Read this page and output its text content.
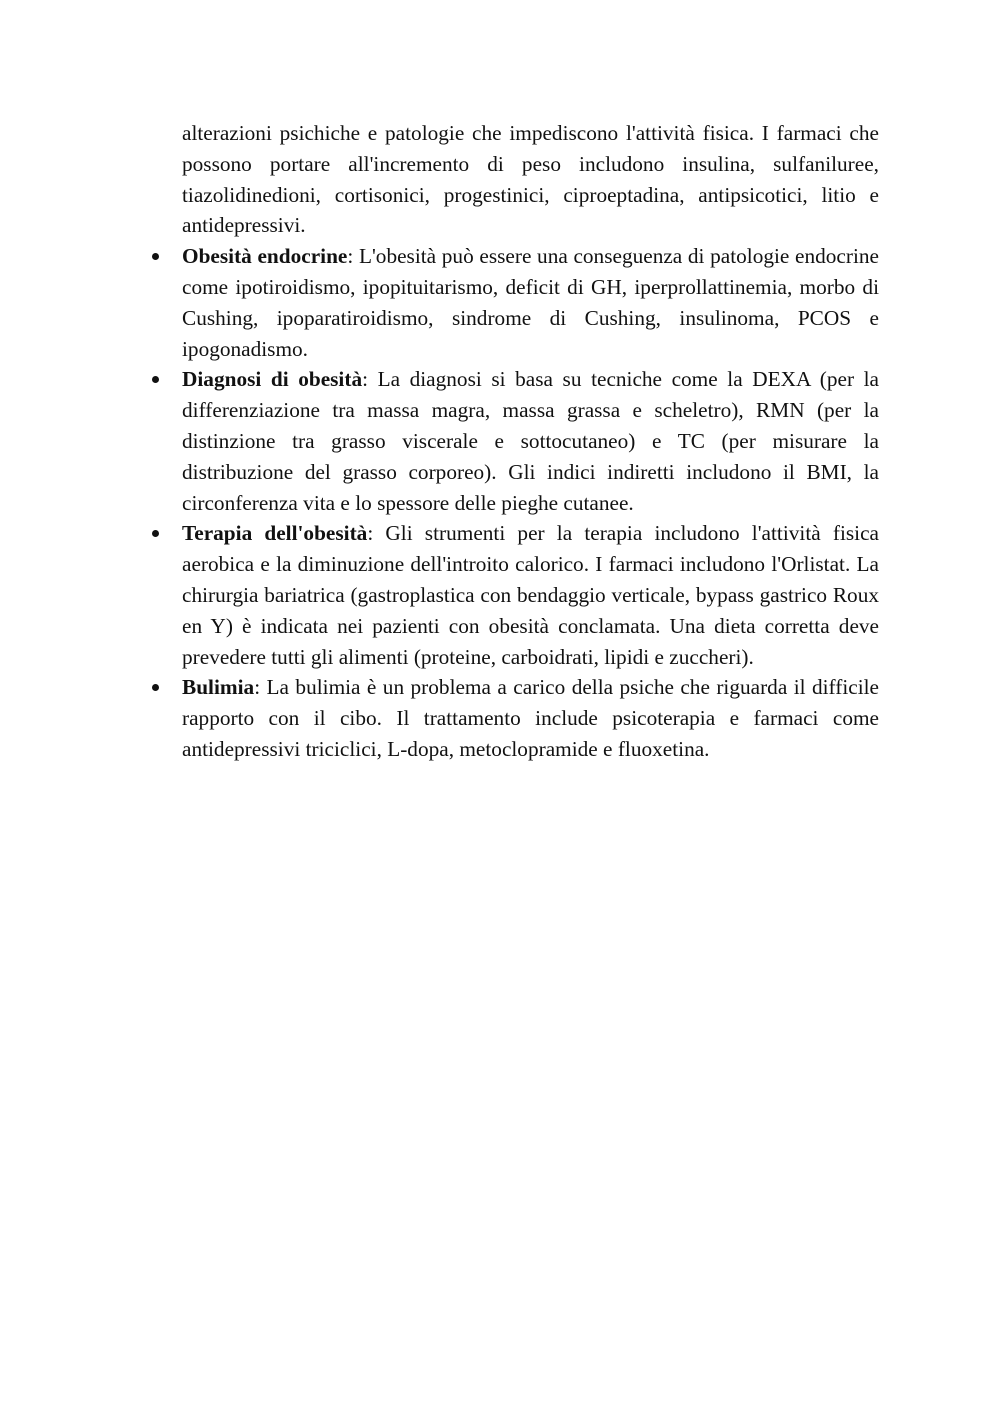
alterazioni psichiche e patologie che impediscono l'attività fisica. I farmaci che possono portare all'incremento di peso includono insulina, sulfaniluree, tiazolidinedioni, cortisonici, progestinici, ciproeptadina, antipsicotici, litio e antidepressivi.

Obesità endocrine: L'obesità può essere una conseguenza di patologie endocrine come ipotiroidismo, ipopituitarismo, deficit di GH, iperprollattinemia, morbo di Cushing, ipoparatiroidismo, sindrome di Cushing, insulinoma, PCOS e ipogonadismo.
Diagnosi di obesità: La diagnosi si basa su tecniche come la DEXA (per la differenziazione tra massa magra, massa grassa e scheletro), RMN (per la distinzione tra grasso viscerale e sottocutaneo) e TC (per misurare la distribuzione del grasso corporeo). Gli indici indiretti includono il BMI, la circonferenza vita e lo spessore delle pieghe cutanee.
Terapia dell'obesità: Gli strumenti per la terapia includono l'attività fisica aerobica e la diminuzione dell'introito calorico. I farmaci includono l'Orlistat. La chirurgia bariatrica (gastroplastica con bendaggio verticale, bypass gastrico Roux en Y) è indicata nei pazienti con obesità conclamata. Una dieta corretta deve prevedere tutti gli alimenti (proteine, carboidrati, lipidi e zuccheri).
Bulimia: La bulimia è un problema a carico della psiche che riguarda il difficile rapporto con il cibo. Il trattamento include psicoterapia e farmaci come antidepressivi triciclici, L-dopa, metoclopramide e fluoxetina.
